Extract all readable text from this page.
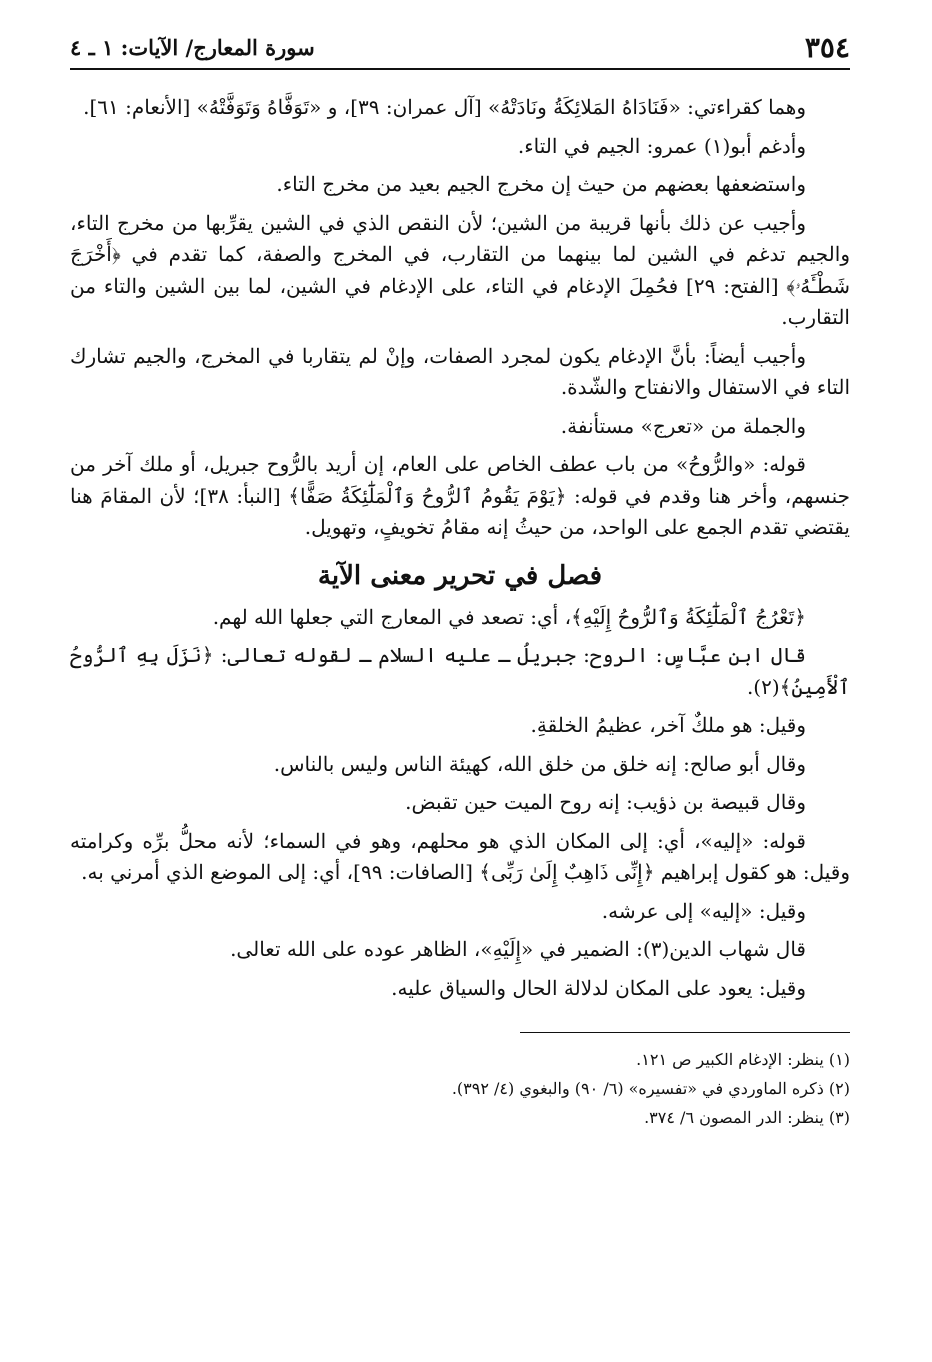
٣٥٤
سورة المعارج/ الآيات: ١ ـ ٤

وهما كقراءتي: «فَنَادَاهُ المَلائِكَةُ ونَادَتْهُ» [آل عمران: ٣٩]، و «تَوَفَّاهُ وَتَوَفَّتْهُ» [الأنعام: ٦١].

وأدغم أبو(١) عمرو: الجيم في التاء.

واستضعفها بعضهم من حيث إن مخرج الجيم بعيد من مخرج التاء.

وأجيب عن ذلك بأنها قريبة من الشين؛ لأن النقص الذي في الشين يقرِّبها من مخرج التاء، والجيم تدغم في الشين لما بينهما من التقارب، في المخرج والصفة، كما تقدم في ﴿أَخْرَجَ شَطْـَٔهُۥ﴾ [الفتح: ٢٩] فحُمِلَ الإدغام في التاء، على الإدغام في الشين، لما بين الشين والتاء من التقارب.

وأجيب أيضاً: بأنَّ الإدغام يكون لمجرد الصفات، وإنْ لم يتقاربا في المخرج، والجيم تشارك التاء في الاستفال والانفتاح والشّدة.

والجملة من «تعرج» مستأنفة.

قوله: «والرُّوحُ» من باب عطف الخاص على العام، إن أريد بالرُّوح جبريل، أو ملك آخر من جنسهم، وأخر هنا وقدم في قوله: ﴿يَوْمَ يَقُومُ ٱلرُّوحُ وَٱلْمَلَٰٓئِكَةُ صَفًّا﴾ [النبأ: ٣٨]؛ لأن المقامَ هنا يقتضي تقدم الجمع على الواحد، من حيثُ إنه مقامُ تخويفٍ، وتهويل.

فصل في تحرير معنى الآية

﴿تَعْرُجُ ٱلْمَلَٰٓئِكَةُ وَٱلرُّوحُ إِلَيْهِ﴾، أي: تصعد في المعارج التي جعلها الله لهم.

قال ابن عبَّاسٍ: الروح: جبريلُ ـ عليه السلام ـ لقوله تعالى: ﴿نَزَلَ بِهِ ٱلرُّوحُ ٱلْأَمِينُ﴾(٢).

وقيل: هو ملكٌ آخر، عظيمُ الخلقةِ.

وقال أبو صالح: إنه خلق من خلق الله، كهيئة الناس وليس بالناس.

وقال قبيصة بن ذؤيب: إنه روح الميت حين تقبض.

قوله: «إليه»، أي: إلى المكان الذي هو محلهم، وهو في السماء؛ لأنه محلُّ برِّه وكرامته وقيل: هو كقول إبراهيم ﴿إِنِّى ذَاهِبٌ إِلَىٰ رَبِّى﴾ [الصافات: ٩٩]، أي: إلى الموضع الذي أمرني به.

وقيل: «إليه» إلى عرشه.

قال شهاب الدين(٣): الضمير في «إِلَيْهِ»، الظاهر عوده على الله تعالى.

وقيل: يعود على المكان لدلالة الحال والسياق عليه.

(١) ينظر: الإدغام الكبير ص ١٢١.

(٢) ذكره الماوردي في «تفسيره» (٦/ ٩٠) والبغوي (٤/ ٣٩٢).

(٣) ينظر: الدر المصون ٦/ ٣٧٤.
